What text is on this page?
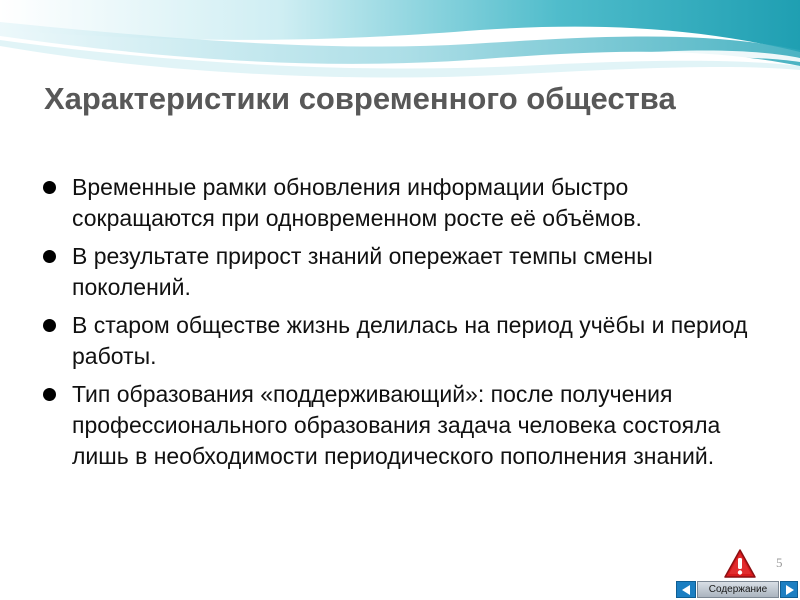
Характеристики современного общества
Временные рамки обновления информации быстро сокращаются при одновременном росте её объёмов.
В результате прирост знаний опережает темпы смены поколений.
В старом обществе жизнь делилась на период учёбы и период работы.
Тип образования «поддерживающий»: после получения профессионального образования задача человека состояла лишь в необходимости периодического пополнения знаний.
5
Содержание
